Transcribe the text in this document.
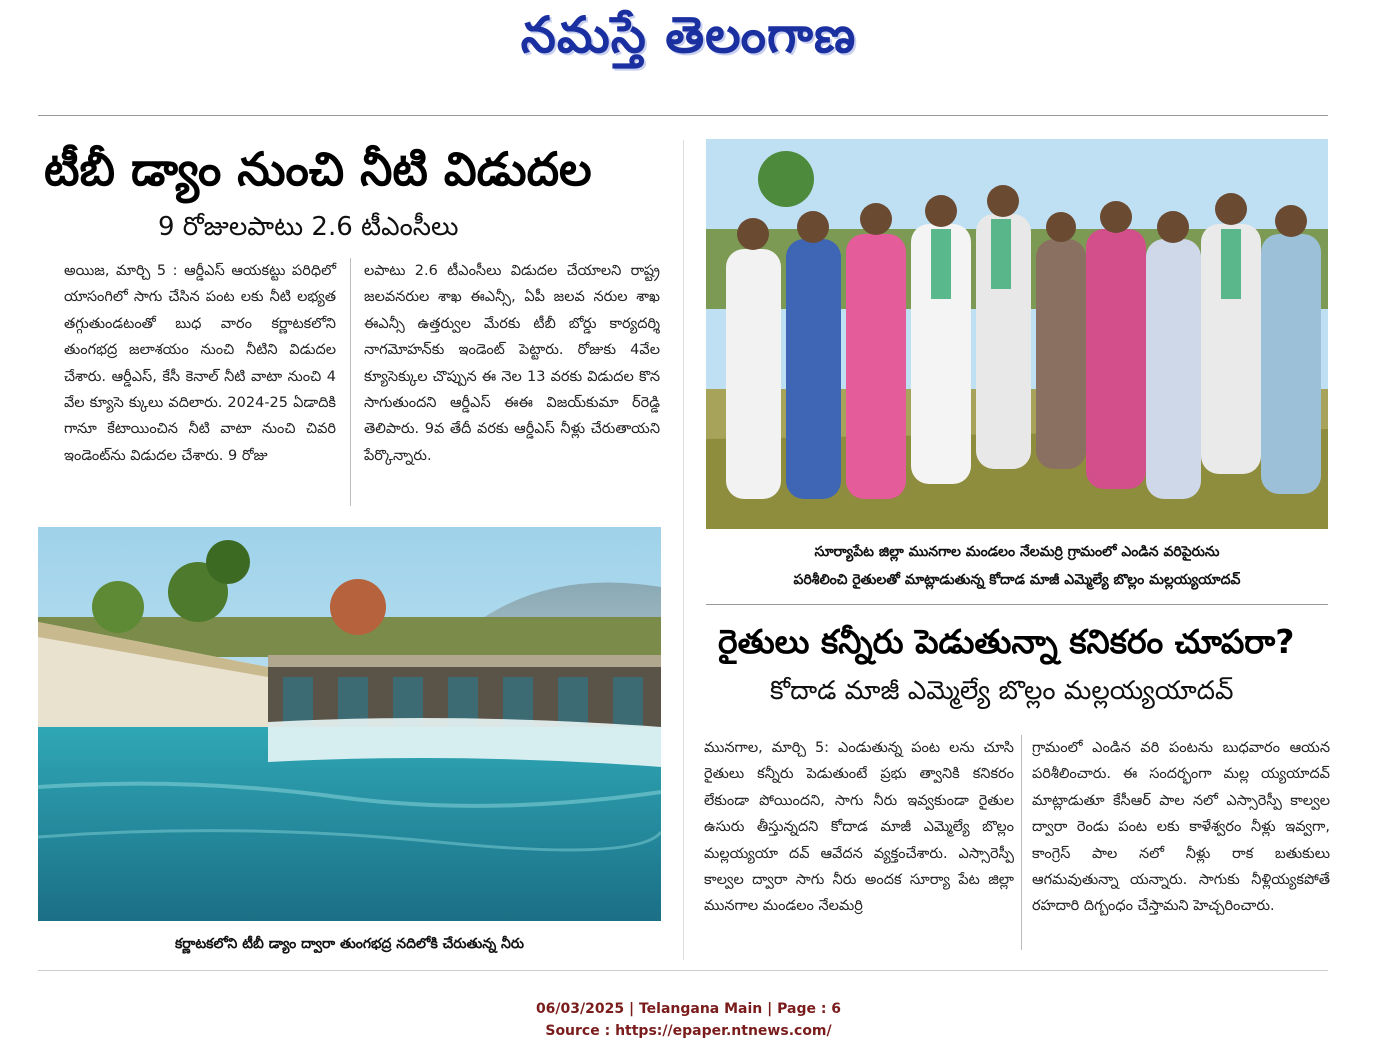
నమస్తే తెలంగాణ
టీబీ డ్యాం నుంచి నీటి విడుదల
9 రోజులపాటు 2.6 టీఎంసీలు

అయిజ, మార్చి 5 : ఆర్డీఎస్ ఆయకట్టు పరిధిలో యాసంగిలో సాగు చేసిన పంట లకు నీటి లభ్యత తగ్గుతుండటంతో బుధ వారం కర్ణాటకలోని తుంగభద్ర జలాశయం నుంచి నీటిని విడుదల చేశారు. ఆర్డీఎస్, కేసీ కెనాల్ నీటి వాటా నుంచి 4 వేల క్యూసె క్కులు వదిలారు. 2024-25 ఏడాదికి గానూ కేటాయించిన నీటి వాటా నుంచి చివరి ఇండెంట్‌ను విడుదల చేశారు. 9 రోజు

లపాటు 2.6 టీఎంసీలు విడుదల చేయాలని రాష్ట్ర జలవనరుల శాఖ ఈఎన్సీ, ఏపీ జలవ నరుల శాఖ ఈఎన్సీ ఉత్తర్వుల మేరకు టీబీ బోర్డు కార్యదర్శి నాగమోహన్‌కు ఇండెంట్ పెట్టారు. రోజుకు 4వేల క్యూసెక్కుల చొప్పున ఈ నెల 13 వరకు విడుదల కొన సాగుతుందని ఆర్డీఎస్ ఈఈ విజయ్‌కుమా ర్‌రెడ్డి తెలిపారు. 9వ తేదీ వరకు ఆర్డీఎస్ నీళ్లు చేరుతాయని పేర్కొన్నారు.

కర్ణాటకలోని టీబీ డ్యాం ద్వారా తుంగభద్ర నదిలోకి చేరుతున్న నీరు
సూర్యాపేట జిల్లా మునగాల మండలం నేలమర్రి గ్రామంలో ఎండిన వరిపైరును
పరిశీలించి రైతులతో మాట్లాడుతున్న కోదాడ మాజీ ఎమ్మెల్యే బొల్లం మల్లయ్యయాదవ్
రైతులు కన్నీరు పెడుతున్నా కనికరం చూపరా?
కోదాడ మాజీ ఎమ్మెల్యే బొల్లం మల్లయ్యయాదవ్

మునగాల, మార్చి 5: ఎండుతున్న పంట లను చూసి రైతులు కన్నీరు పెడుతుంటే ప్రభు త్వానికి కనికరం లేకుండా పోయిందని, సాగు నీరు ఇవ్వకుండా రైతుల ఉసురు తీస్తున్నదని కోదాడ మాజీ ఎమ్మెల్యే బొల్లం మల్లయ్యయా దవ్ ఆవేదన వ్యక్తంచేశారు. ఎస్సారెస్పీ కాల్వల ద్వారా సాగు నీరు అందక సూర్యా పేట జిల్లా మునగాల మండలం నేలమర్రి

గ్రామంలో ఎండిన వరి పంటను బుధవారం ఆయన పరిశీలించారు. ఈ సందర్భంగా మల్ల య్యయాదవ్ మాట్లాడుతూ కేసీఆర్ పాల నలో ఎస్సారెస్పీ కాల్వల ద్వారా రెండు పంట లకు కాళేశ్వరం నీళ్లు ఇవ్వగా, కాంగ్రెస్ పాల నలో నీళ్లు రాక బతుకులు ఆగమవుతున్నా యన్నారు. సాగుకు నీళ్లియ్యకపోతే రహదారి దిగ్బంధం చేస్తామని హెచ్చరించారు.

06/03/2025 | Telangana Main | Page : 6
Source : https://epaper.ntnews.com/
